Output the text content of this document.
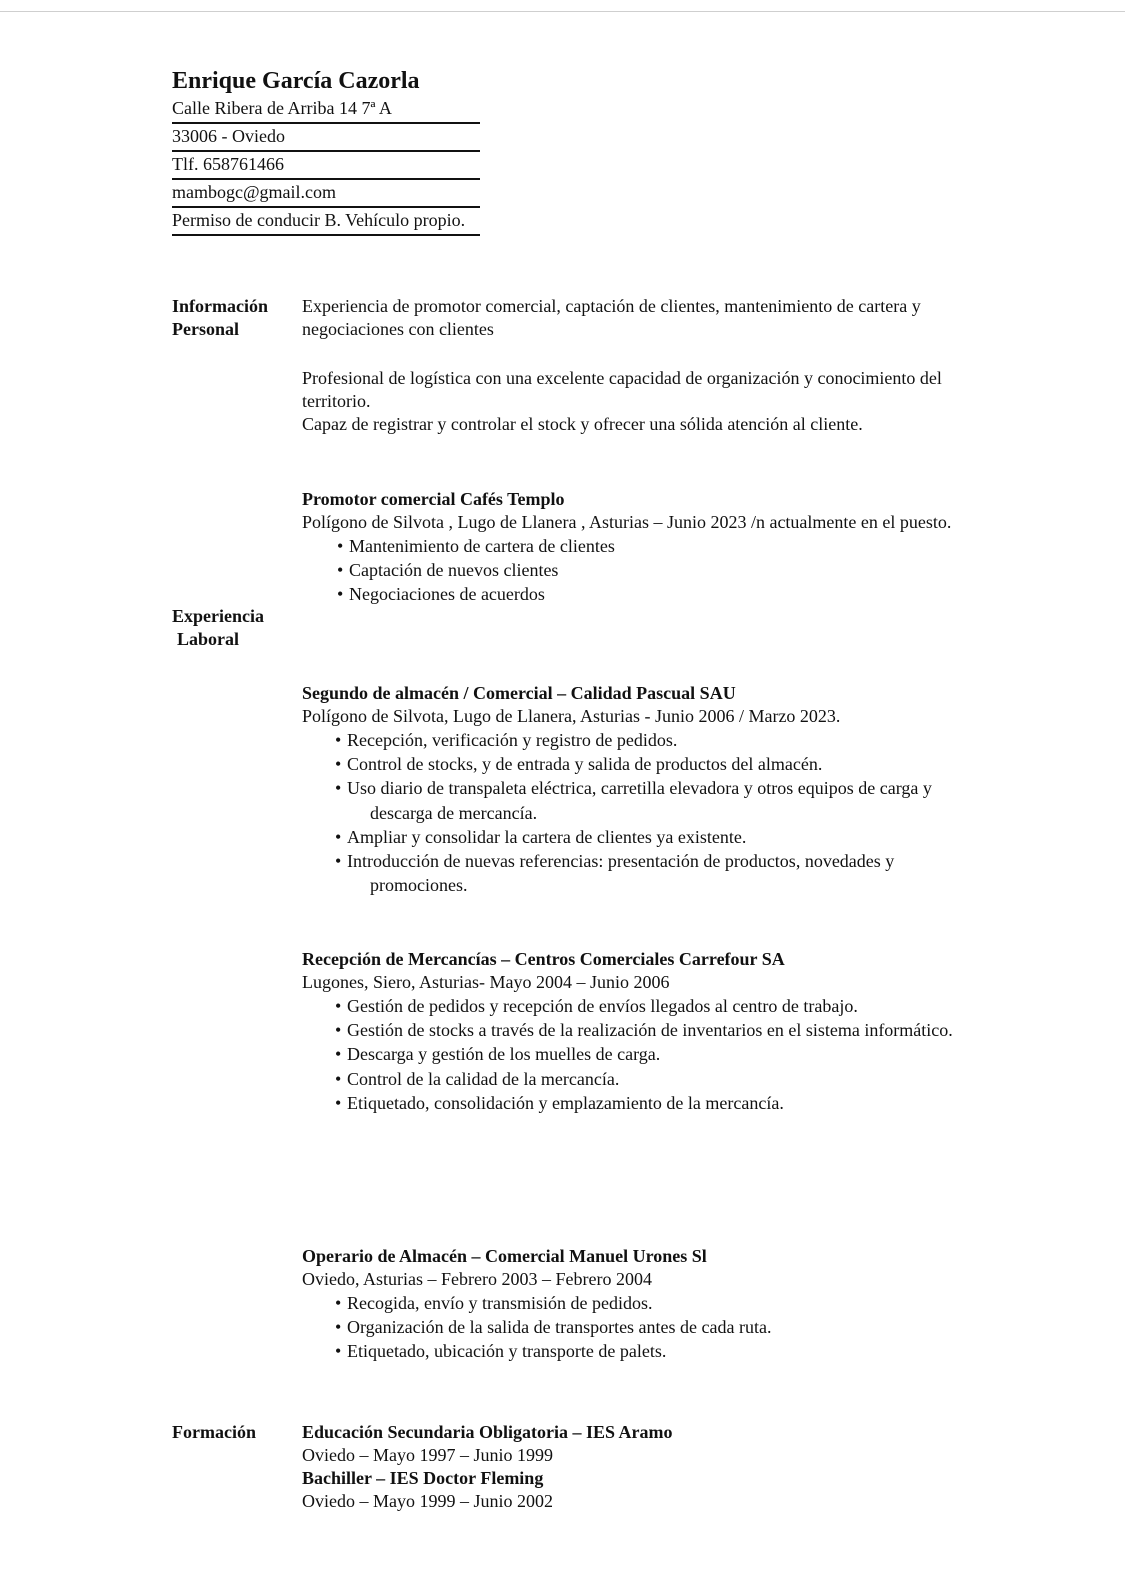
Enrique García Cazorla
Calle Ribera de Arriba 14 7ª A
33006 - Oviedo
Tlf. 658761466
mambogc@gmail.com
Permiso de conducir B. Vehículo propio.
Información
Personal
Experiencia de promotor comercial, captación de clientes, mantenimiento de cartera y negociaciones con clientes
Profesional de logística con una excelente capacidad de organización y conocimiento del territorio.
Capaz de registrar y controlar el stock y ofrecer una sólida atención al cliente.
Experiencia
Laboral
Promotor comercial Cafés Templo
Polígono de Silvota , Lugo de Llanera , Asturias – Junio 2023 /n actualmente en el puesto.
• Mantenimiento de cartera de clientes
• Captación de nuevos clientes
• Negociaciones de acuerdos
Segundo de almacén / Comercial – Calidad Pascual SAU
Polígono de Silvota, Lugo de Llanera, Asturias - Junio 2006 / Marzo 2023.
• Recepción, verificación y registro de pedidos.
• Control de stocks, y de entrada y salida de productos del almacén.
• Uso diario de transpaleta eléctrica, carretilla elevadora y otros equipos de carga y descarga de mercancía.
• Ampliar y consolidar la cartera de clientes ya existente.
• Introducción de nuevas referencias: presentación de productos, novedades y promociones.
Recepción de Mercancías – Centros Comerciales Carrefour SA
Lugones, Siero, Asturias- Mayo 2004 – Junio 2006
• Gestión de pedidos y recepción de envíos llegados al centro de trabajo.
• Gestión de stocks a través de la realización de inventarios en el sistema informático.
• Descarga y gestión de los muelles de carga.
• Control de la calidad de la mercancía.
• Etiquetado, consolidación y emplazamiento de la mercancía.
Operario de Almacén – Comercial Manuel Urones Sl
Oviedo, Asturias – Febrero 2003 – Febrero 2004
• Recogida, envío y transmisión de pedidos.
• Organización de la salida de transportes antes de cada ruta.
• Etiquetado, ubicación y transporte de palets.
Formación	Educación Secundaria Obligatoria – IES Aramo
Oviedo – Mayo 1997 – Junio 1999
Bachiller – IES Doctor Fleming
Oviedo – Mayo 1999 – Junio 2002
